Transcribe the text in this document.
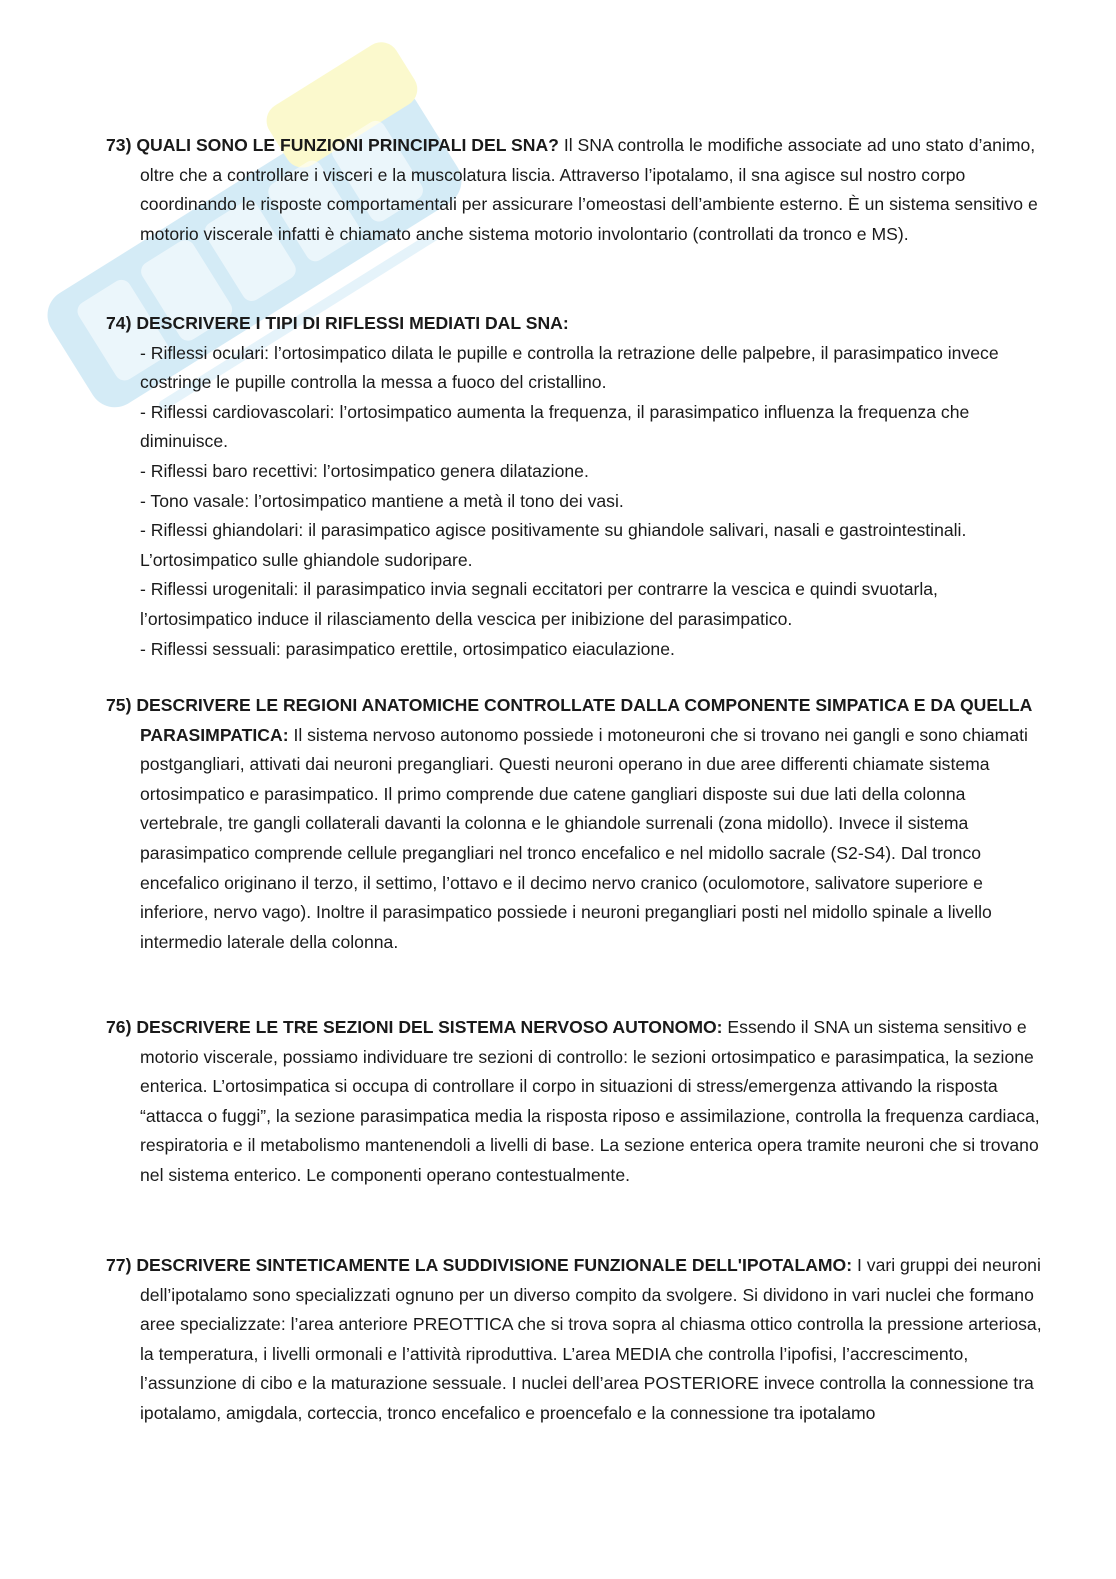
73) QUALI SONO LE FUNZIONI PRINCIPALI DEL SNA? Il SNA controlla le modifiche associate ad uno stato d’animo, oltre che a controllare i visceri e la muscolatura liscia. Attraverso l’ipotalamo, il sna agisce sul nostro corpo coordinando le risposte comportamentali per assicurare l’omeostasi dell’ambiente esterno. È un sistema sensitivo e motorio viscerale infatti è chiamato anche sistema motorio involontario (controllati da tronco e MS).

74) DESCRIVERE I TIPI DI RIFLESSI MEDIATI DAL SNA:
- Riflessi oculari: l’ortosimpatico dilata le pupille e controlla la retrazione delle palpebre, il parasimpatico invece costringe le pupille controlla la messa a fuoco del cristallino.
- Riflessi cardiovascolari: l’ortosimpatico aumenta la frequenza, il parasimpatico influenza la frequenza che diminuisce.
- Riflessi baro recettivi: l’ortosimpatico genera dilatazione.
- Tono vasale: l’ortosimpatico mantiene a metà il tono dei vasi.
- Riflessi ghiandolari: il parasimpatico agisce positivamente su ghiandole salivari, nasali e gastrointestinali. L’ortosimpatico sulle ghiandole sudoripare.
- Riflessi urogenitali: il parasimpatico invia segnali eccitatori per contrarre la vescica e quindi svuotarla, l’ortosimpatico induce il rilasciamento della vescica per inibizione del parasimpatico.
- Riflessi sessuali: parasimpatico erettile, ortosimpatico eiaculazione.

75) DESCRIVERE LE REGIONI ANATOMICHE CONTROLLATE DALLA COMPONENTE SIMPATICA E DA QUELLA PARASIMPATICA: Il sistema nervoso autonomo possiede i motoneuroni che si trovano nei gangli e sono chiamati postgangliari, attivati dai neuroni pregangliari. Questi neuroni operano in due aree differenti chiamate sistema ortosimpatico e parasimpatico. Il primo comprende due catene gangliari disposte sui due lati della colonna vertebrale, tre gangli collaterali davanti la colonna e le ghiandole surrenali (zona midollo). Invece il sistema parasimpatico comprende cellule pregangliari nel tronco encefalico e nel midollo sacrale (S2-S4). Dal tronco encefalico originano il terzo, il settimo, l’ottavo e il decimo nervo cranico (oculomotore, salivatore superiore e inferiore, nervo vago). Inoltre il parasimpatico possiede i neuroni pregangliari posti nel midollo spinale a livello intermedio laterale della colonna.

76) DESCRIVERE LE TRE SEZIONI DEL SISTEMA NERVOSO AUTONOMO: Essendo il SNA un sistema sensitivo e motorio viscerale, possiamo individuare tre sezioni di controllo: le sezioni ortosimpatico e parasimpatica, la sezione enterica. L’ortosimpatica si occupa di controllare il corpo in situazioni di stress/emergenza attivando la risposta “attacca o fuggi”, la sezione parasimpatica media la risposta riposo e assimilazione, controlla la frequenza cardiaca, respiratoria e il metabolismo mantenendoli a livelli di base. La sezione enterica opera tramite neuroni che si trovano nel sistema enterico. Le componenti operano contestualmente.

77) DESCRIVERE SINTETICAMENTE LA SUDDIVISIONE FUNZIONALE DELL'IPOTALAMO: I vari gruppi dei neuroni dell’ipotalamo sono specializzati ognuno per un diverso compito da svolgere. Si dividono in vari nuclei che formano aree specializzate: l’area anteriore PREOTTICA che si trova sopra al chiasma ottico controlla la pressione arteriosa, la temperatura, i livelli ormonali e l’attività riproduttiva. L’area MEDIA che controlla l’ipofisi, l’accrescimento, l’assunzione di cibo e la maturazione sessuale. I nuclei dell’area POSTERIORE invece controlla la connessione tra ipotalamo, amigdala, corteccia, tronco encefalico e proencefalo e la connessione tra ipotalamo
